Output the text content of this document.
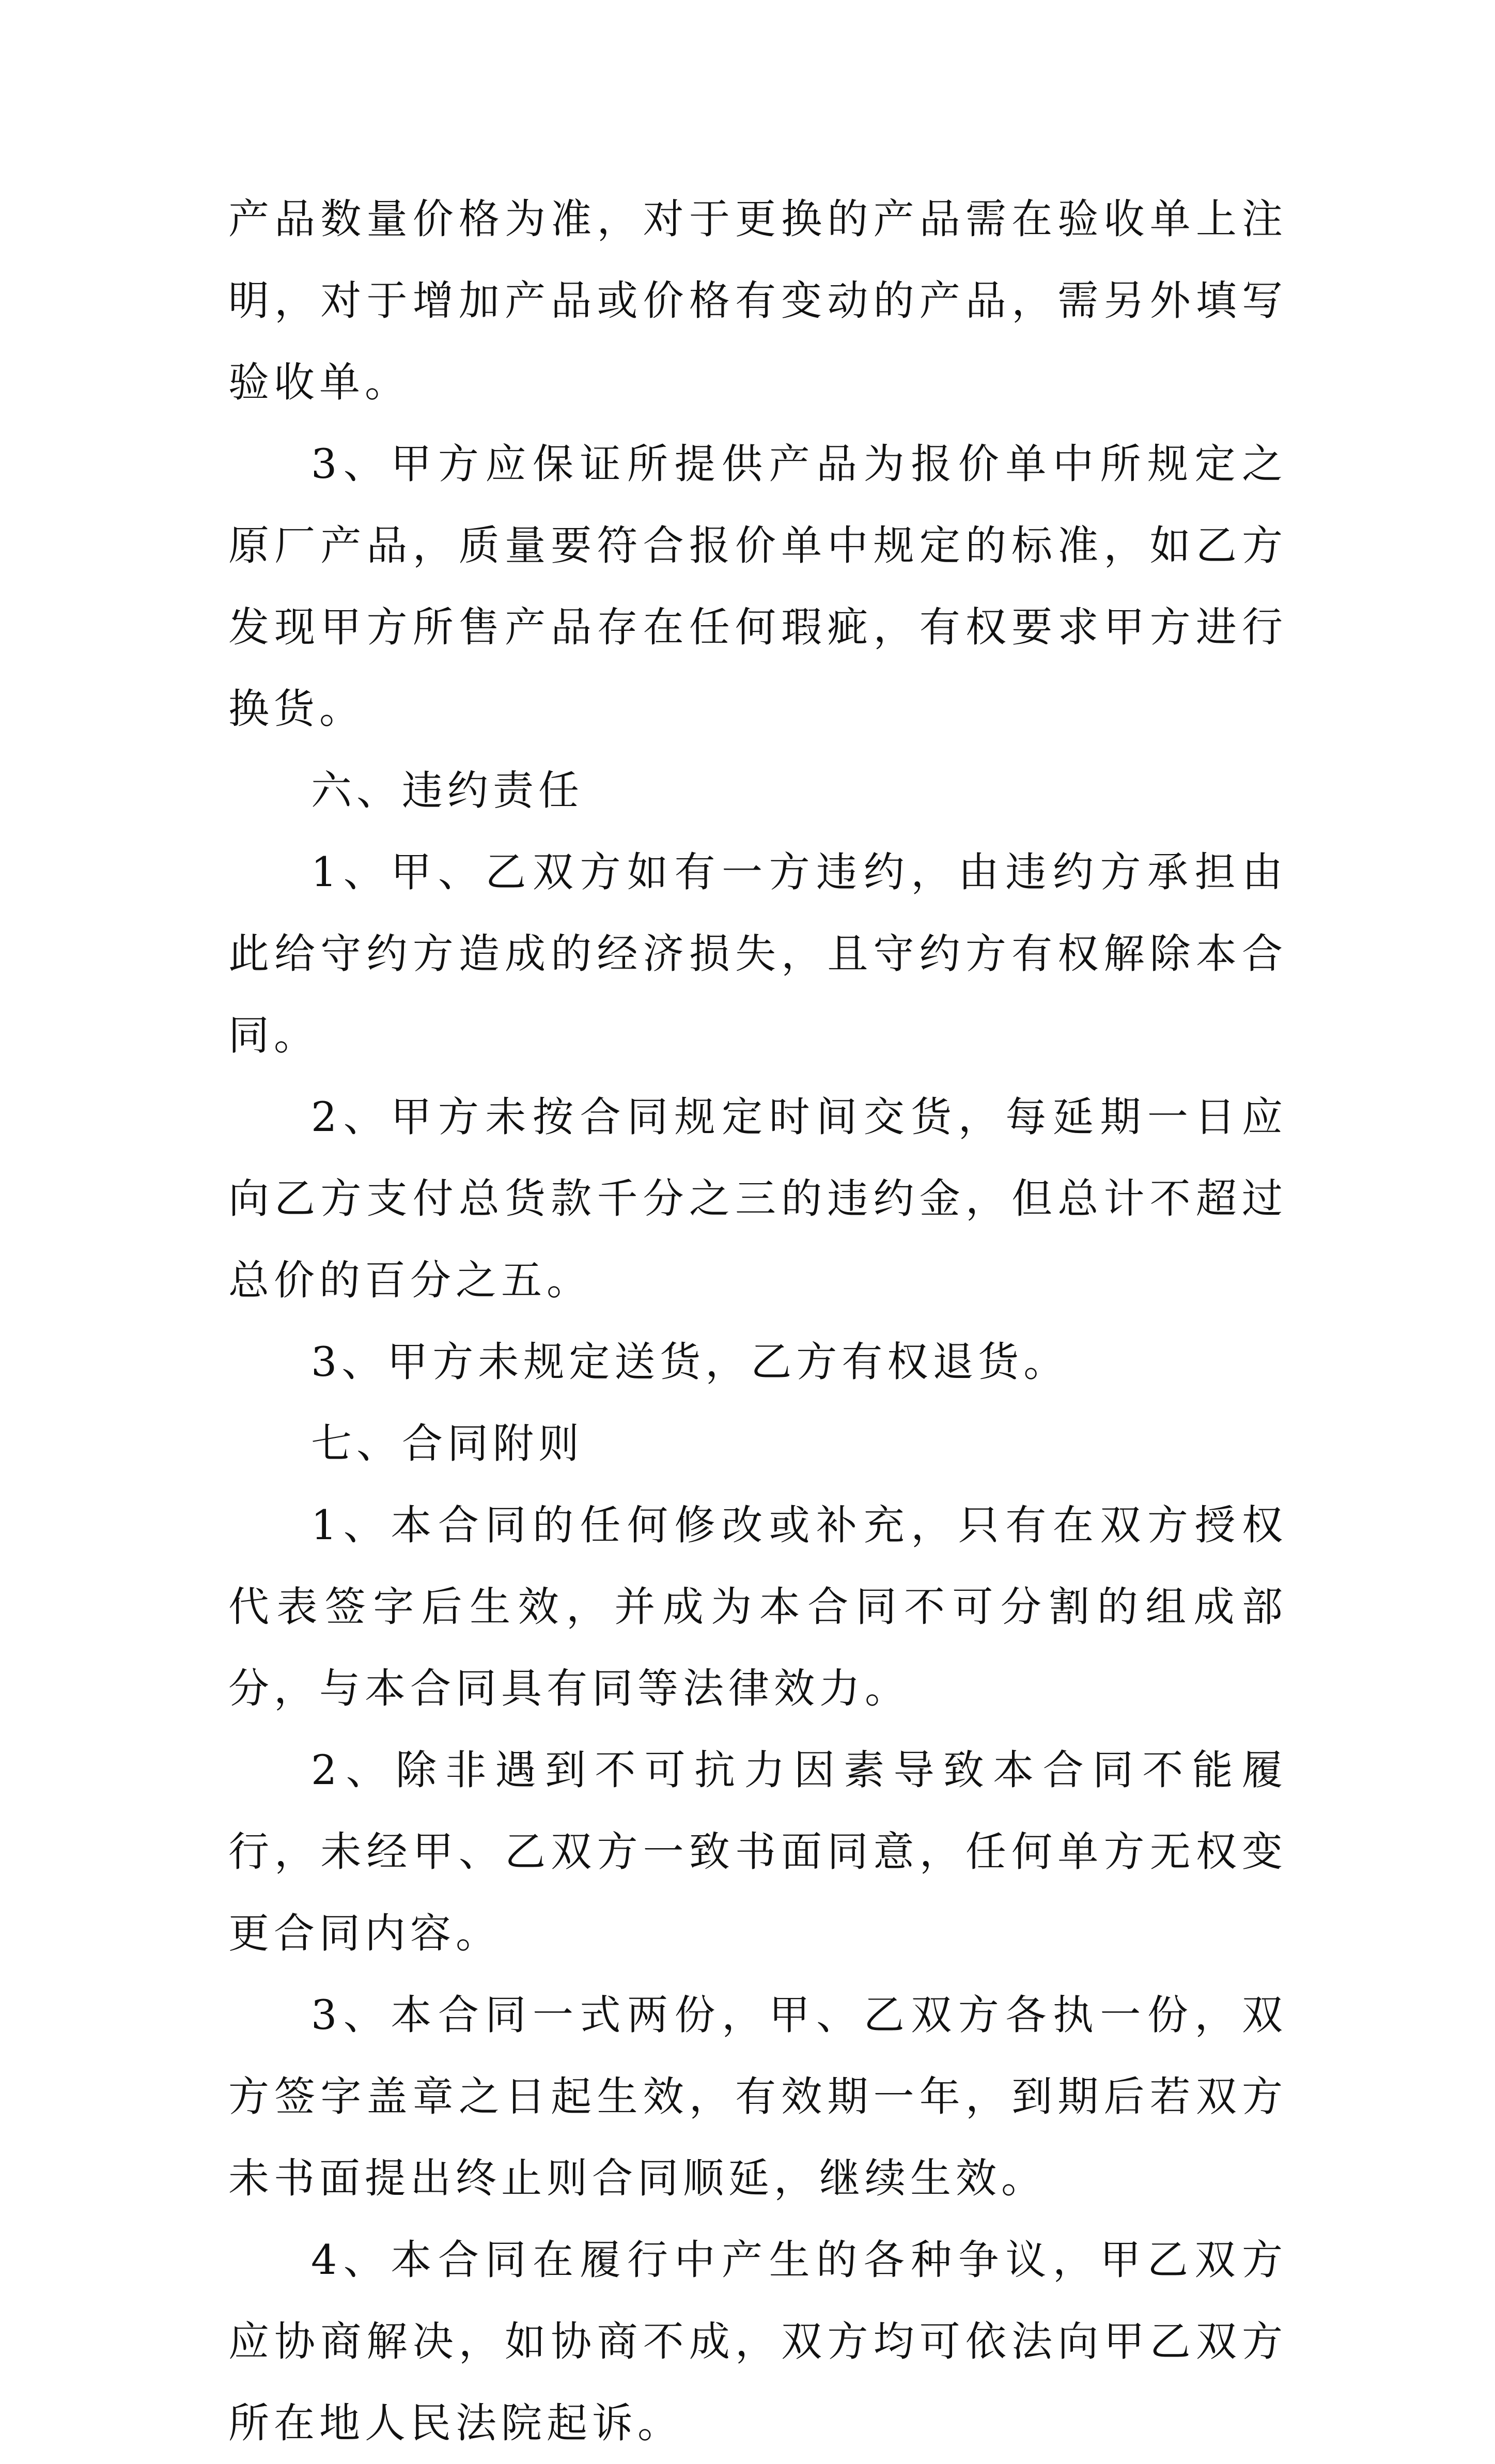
产品数量价格为准，对于更换的产品需在验收单上注明，对于增加产品或价格有变动的产品，需另外填写验收单。

3、甲方应保证所提供产品为报价单中所规定之原厂产品，质量要符合报价单中规定的标准，如乙方发现甲方所售产品存在任何瑕疵，有权要求甲方进行换货。

六、违约责任

1、甲、乙双方如有一方违约，由违约方承担由此给守约方造成的经济损失，且守约方有权解除本合同。

2、甲方未按合同规定时间交货，每延期一日应向乙方支付总货款千分之三的违约金，但总计不超过总价的百分之五。

3、甲方未规定送货，乙方有权退货。

七、合同附则

1、本合同的任何修改或补充，只有在双方授权代表签字后生效，并成为本合同不可分割的组成部分，与本合同具有同等法律效力。

2、除非遇到不可抗力因素导致本合同不能履行，未经甲、乙双方一致书面同意，任何单方无权变更合同内容。

3、本合同一式两份，甲、乙双方各执一份，双方签字盖章之日起生效，有效期一年，到期后若双方未书面提出终止则合同顺延，继续生效。

4、本合同在履行中产生的各种争议，甲乙双方应协商解决，如协商不成，双方均可依法向甲乙双方所在地人民法院起诉。
